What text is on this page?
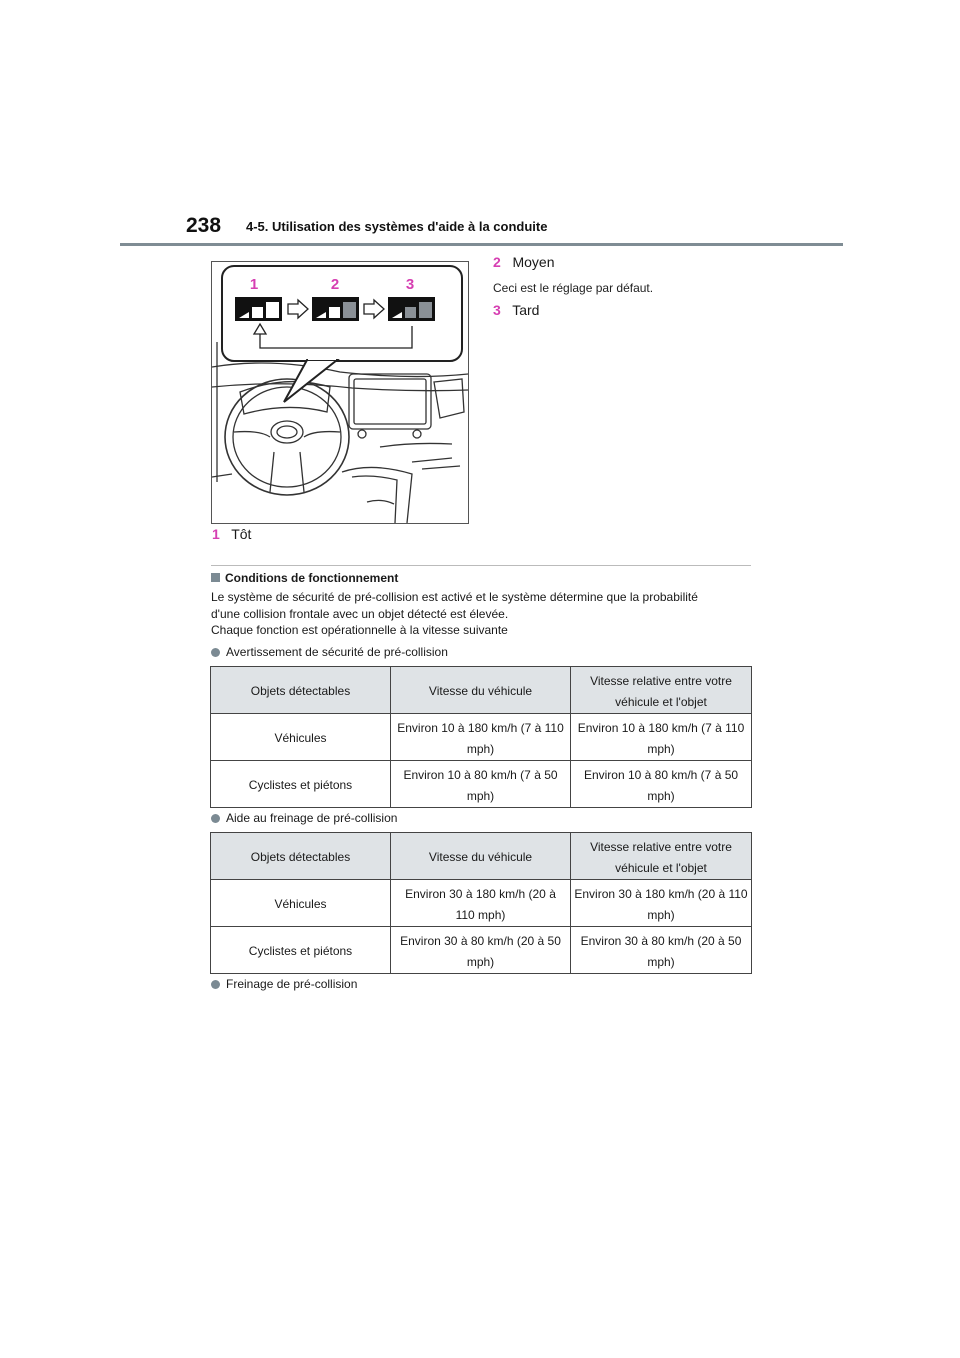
238 4-5. Utilisation des systèmes d'aide à la conduite
1	2	3
1 Tôt
2 Moyen
Ceci est le réglage par défaut.
3 Tard
Conditions de fonctionnement
Le système de sécurité de pré-collision est activé et le système détermine que la probabilité
d'une collision frontale avec un objet détecté est élevée.
Chaque fonction est opérationnelle à la vitesse suivante
Avertissement de sécurité de pré-collision
Objets détectables	Vitesse du véhicule	Vitesse relative entre votre véhicule et l'objet
Véhicules	Environ 10 à 180 km/h (7 à 110 mph)	Environ 10 à 180 km/h (7 à 110 mph)
Cyclistes et piétons	Environ 10 à 80 km/h (7 à 50 mph)	Environ 10 à 80 km/h (7 à 50 mph)
Aide au freinage de pré-collision
Objets détectables	Vitesse du véhicule	Vitesse relative entre votre véhicule et l'objet
Véhicules	Environ 30 à 180 km/h (20 à 110 mph)	Environ 30 à 180 km/h (20 à 110 mph)
Cyclistes et piétons	Environ 30 à 80 km/h (20 à 50 mph)	Environ 30 à 80 km/h (20 à 50 mph)
Freinage de pré-collision
